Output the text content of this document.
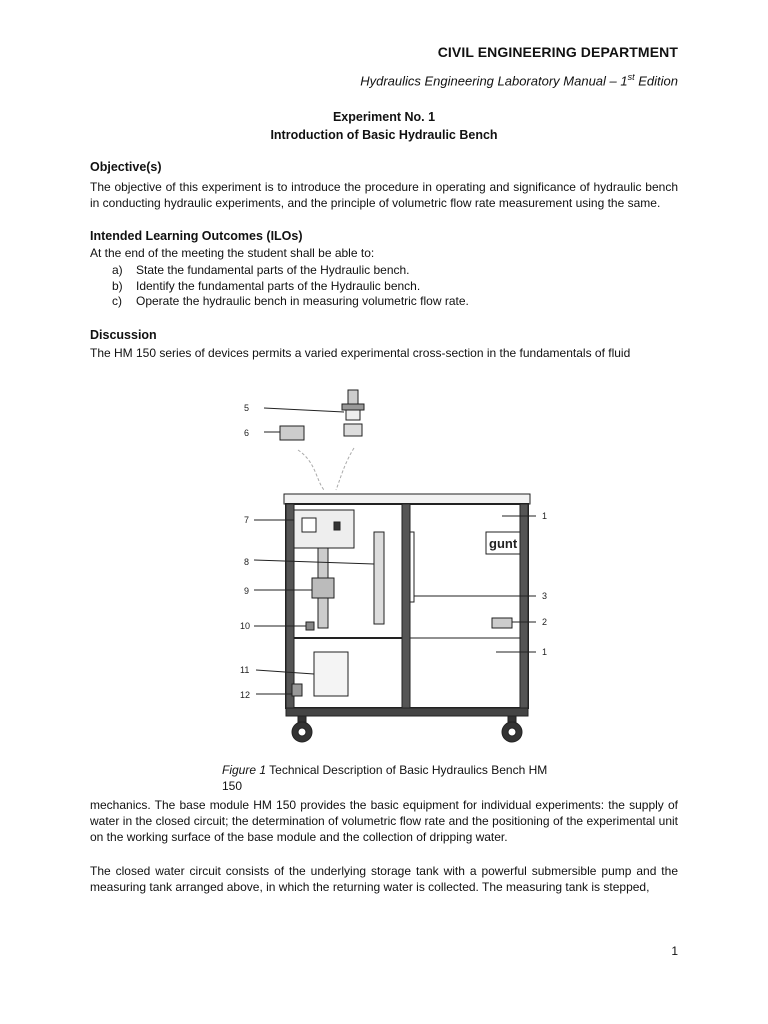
CIVIL ENGINEERING DEPARTMENT
Hydraulics Engineering Laboratory Manual – 1st Edition
Experiment No. 1
Introduction of Basic Hydraulic Bench
Objective(s)
The objective of this experiment is to introduce the procedure in operating and significance of hydraulic bench in conducting hydraulic experiments, and the principle of volumetric flow rate measurement using the same.
Intended Learning Outcomes (ILOs)
At the end of the meeting the student shall be able to:
a)	State the fundamental parts of the Hydraulic bench.
b)	Identify the fundamental parts of the Hydraulic bench.
c)	Operate the hydraulic bench in measuring volumetric flow rate.
Discussion
The HM 150 series of devices permits a varied experimental cross-section in the fundamentals of fluid
5
6
7
8
9
10
11
12
1
3
2
1
gunt
Figure 1 Technical Description of Basic Hydraulics Bench HM 150
mechanics. The base module HM 150 provides the basic equipment for individual experiments: the supply of water in the closed circuit; the determination of volumetric flow rate and the positioning of the experimental unit on the working surface of the base module and the collection of dripping water.
The closed water circuit consists of the underlying storage tank with a powerful submersible pump and the measuring tank arranged above, in which the returning water is collected. The measuring tank is stepped,
1
